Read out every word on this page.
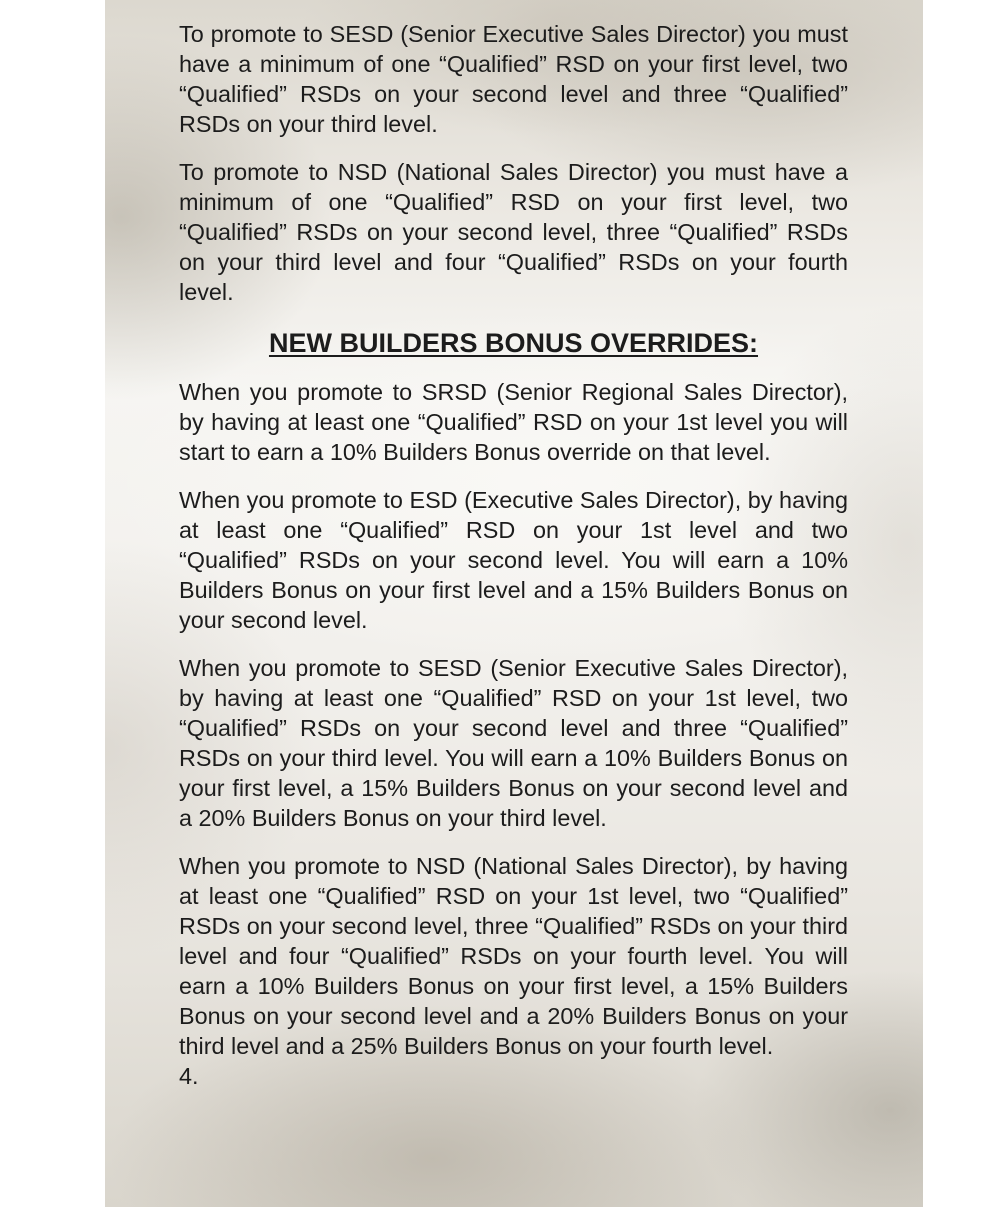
To promote to SESD (Senior Executive Sales Director) you must have a minimum of one “Qualified” RSD on your first level, two “Qualified” RSDs on your second level and three “Qualified” RSDs on your third level.

To promote to NSD (National Sales Director) you must have a minimum of one “Qualified” RSD on your first level, two “Qualified” RSDs on your second level, three “Qualified” RSDs on your third level and four “Qualified” RSDs on your fourth level.

NEW BUILDERS BONUS OVERRIDES:

When you promote to SRSD (Senior Regional Sales Director), by having at least one “Qualified” RSD on your 1st level you will start to earn a 10% Builders Bonus override on that level.

When you promote to ESD (Executive Sales Director), by having at least one “Qualified” RSD on your 1st level and two “Qualified” RSDs on your second level. You will earn a 10% Builders Bonus on your first level and a 15% Builders Bonus on your second level.

When you promote to SESD (Senior Executive Sales Director), by having at least one “Qualified” RSD on your 1st level, two “Qualified” RSDs on your second level and three “Qualified” RSDs on your third level. You will earn a 10% Builders Bonus on your first level, a 15% Builders Bonus on your second level and a 20% Builders Bonus on your third level.

When you promote to NSD (National Sales Director), by having at least one “Qualified” RSD on your 1st level, two “Qualified” RSDs on your second level, three “Qualified” RSDs on your third level and four “Qualified” RSDs on your fourth level. You will earn a 10% Builders Bonus on your first level, a 15% Builders Bonus on your second level and a 20% Builders Bonus on your third level and a 25% Builders Bonus on your fourth level.

4.
